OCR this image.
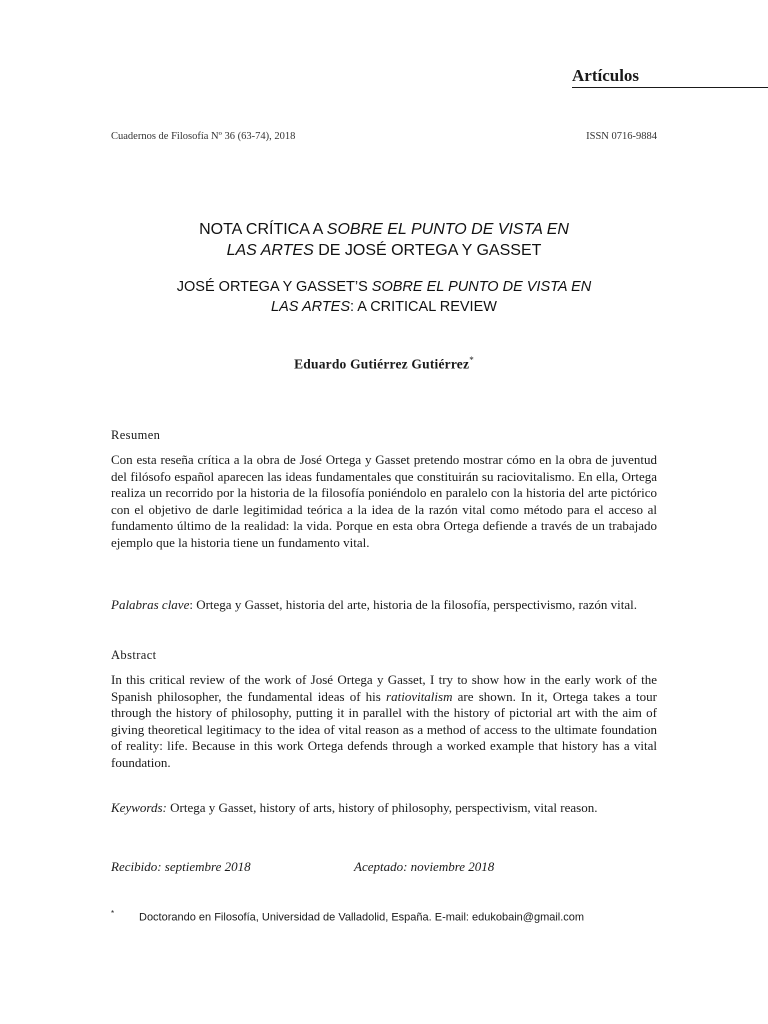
Artículos
Cuadernos de Filosofía Nº 36 (63-74), 2018	ISSN 0716-9884
NOTA CRÍTICA A SOBRE EL PUNTO DE VISTA EN
LAS ARTES DE JOSÉ ORTEGA Y GASSET
JOSÉ ORTEGA Y GASSET’S SOBRE EL PUNTO DE VISTA EN
LAS ARTES: A CRITICAL REVIEW
Eduardo Gutiérrez Gutiérrez*
Resumen
Con esta reseña crítica a la obra de José Ortega y Gasset pretendo mostrar cómo en la obra de juventud del filósofo español aparecen las ideas fundamentales que constituirán su raciovitalismo. En ella, Ortega realiza un recorrido por la historia de la filosofía poniéndolo en paralelo con la historia del arte pictórico con el objetivo de darle legitimidad teórica a la idea de la razón vital como método para el acceso al fundamento último de la realidad: la vida. Porque en esta obra Ortega defiende a través de un trabajado ejemplo que la historia tiene un fundamento vital.
Palabras clave: Ortega y Gasset, historia del arte, historia de la filosofía, perspectivismo, razón vital.
Abstract
In this critical review of the work of José Ortega y Gasset, I try to show how in the early work of the Spanish philosopher, the fundamental ideas of his ratiovitalism are shown. In it, Ortega takes a tour through the history of philosophy, putting it in parallel with the history of pictorial art with the aim of giving theoretical legitimacy to the idea of vital reason as a method of access to the ultimate foundation of reality: life. Because in this work Ortega defends through a worked example that history has a vital foundation.
Keywords: Ortega y Gasset, history of arts, history of philosophy, perspectivism, vital reason.
Recibido: septiembre 2018	Aceptado: noviembre 2018
* Doctorando en Filosofía, Universidad de Valladolid, España. E-mail: edukobain@gmail.com
